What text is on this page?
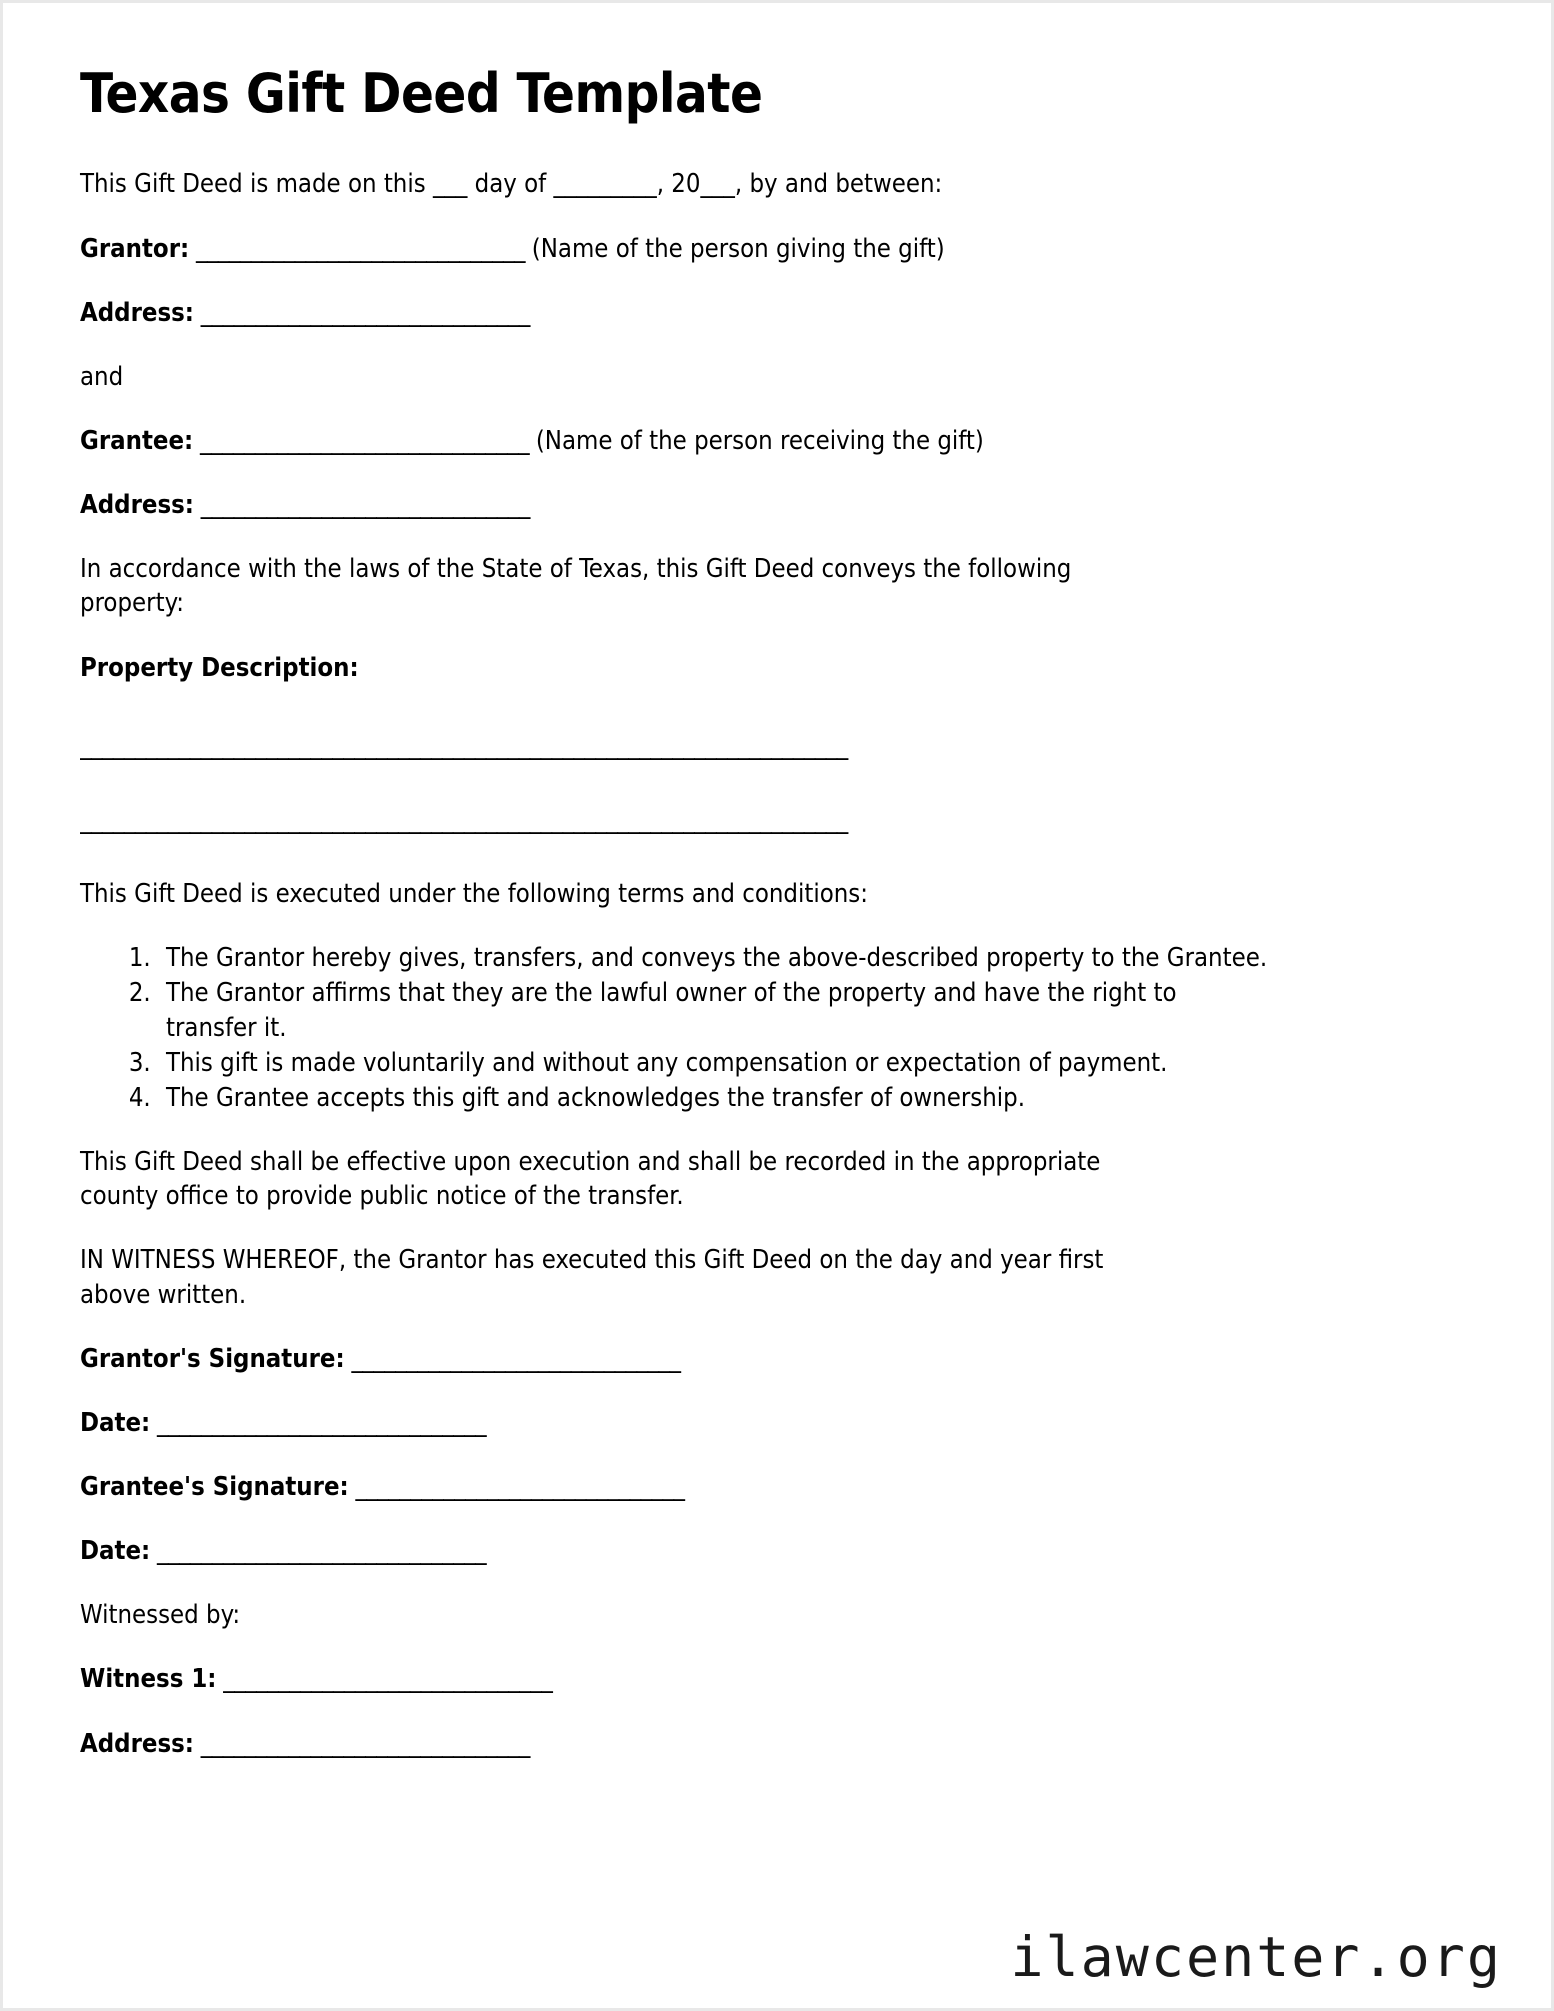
Texas Gift Deed Template

This Gift Deed is made on this ___ day of _________, 20___, by and between:

Grantor: ______________________________ (Name of the person giving the gift)

Address: ______________________________

and

Grantee: ______________________________ (Name of the person receiving the gift)

Address: ______________________________

In accordance with the laws of the State of Texas, this Gift Deed conveys the following property:

Property Description:

______________________________________________________________________

______________________________________________________________________

This Gift Deed is executed under the following terms and conditions:

1. The Grantor hereby gives, transfers, and conveys the above-described property to the Grantee.
2. The Grantor affirms that they are the lawful owner of the property and have the right to transfer it.
3. This gift is made voluntarily and without any compensation or expectation of payment.
4. The Grantee accepts this gift and acknowledges the transfer of ownership.

This Gift Deed shall be effective upon execution and shall be recorded in the appropriate county office to provide public notice of the transfer.

IN WITNESS WHEREOF, the Grantor has executed this Gift Deed on the day and year first above written.

Grantor's Signature: ______________________________

Date: ______________________________

Grantee's Signature: ______________________________

Date: ______________________________

Witnessed by:

Witness 1: ______________________________

Address: ______________________________

ilawcenter.org
